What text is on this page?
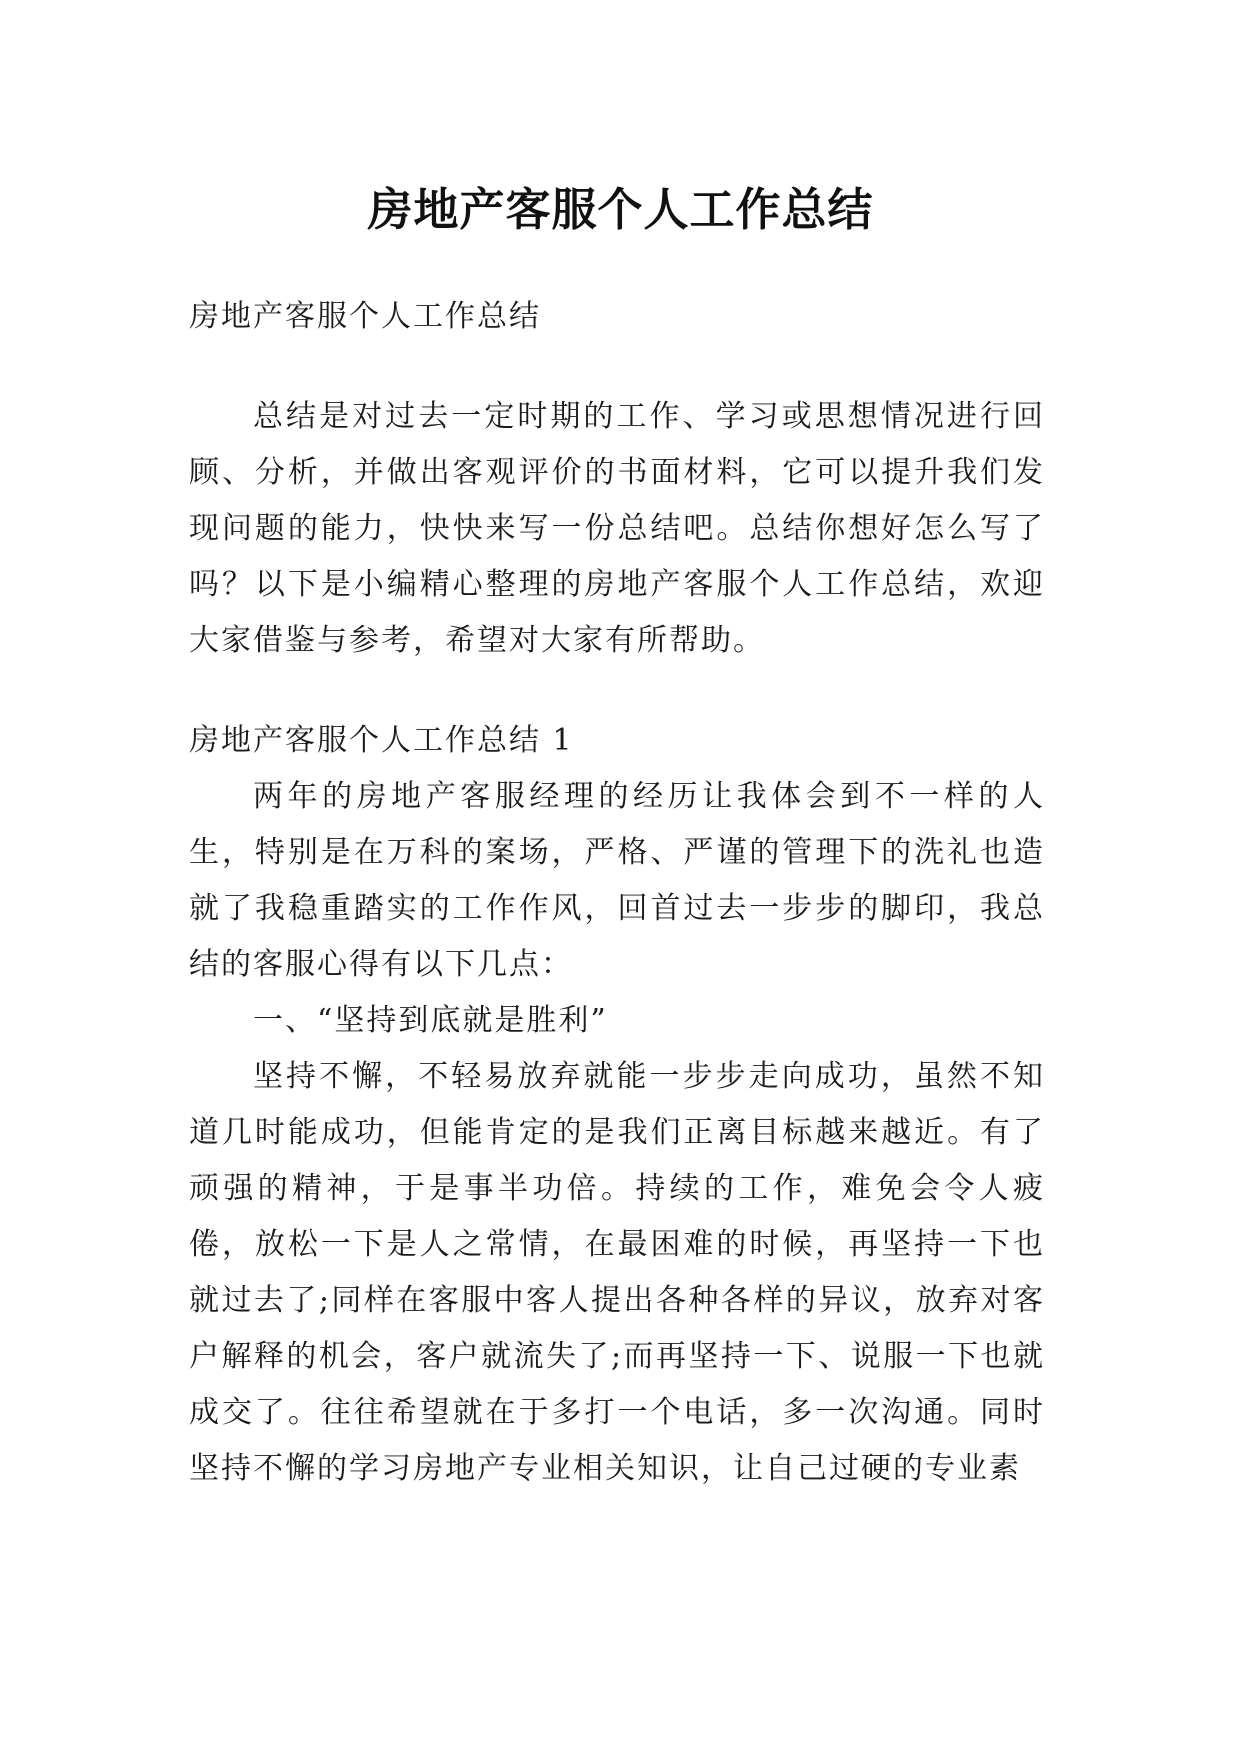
房地产客服个人工作总结

房地产客服个人工作总结

总结是对过去一定时期的工作、学习或思想情况进行回顾、分析，并做出客观评价的书面材料，它可以提升我们发现问题的能力，快快来写一份总结吧。总结你想好怎么写了吗？以下是小编精心整理的房地产客服个人工作总结，欢迎大家借鉴与参考，希望对大家有所帮助。

房地产客服个人工作总结 1

两年的房地产客服经理的经历让我体会到不一样的人生，特别是在万科的案场，严格、严谨的管理下的洗礼也造就了我稳重踏实的工作作风，回首过去一步步的脚印，我总结的客服心得有以下几点：

一、“坚持到底就是胜利”

坚持不懈，不轻易放弃就能一步步走向成功，虽然不知道几时能成功，但能肯定的是我们正离目标越来越近。有了顽强的精神，于是事半功倍。持续的工作，难免会令人疲倦，放松一下是人之常情，在最困难的时候，再坚持一下也就过去了;同样在客服中客人提出各种各样的异议，放弃对客户解释的机会，客户就流失了;而再坚持一下、说服一下也就成交了。往往希望就在于多打一个电话，多一次沟通。同时坚持不懈的学习房地产专业相关知识，让自己过硬的专业素
